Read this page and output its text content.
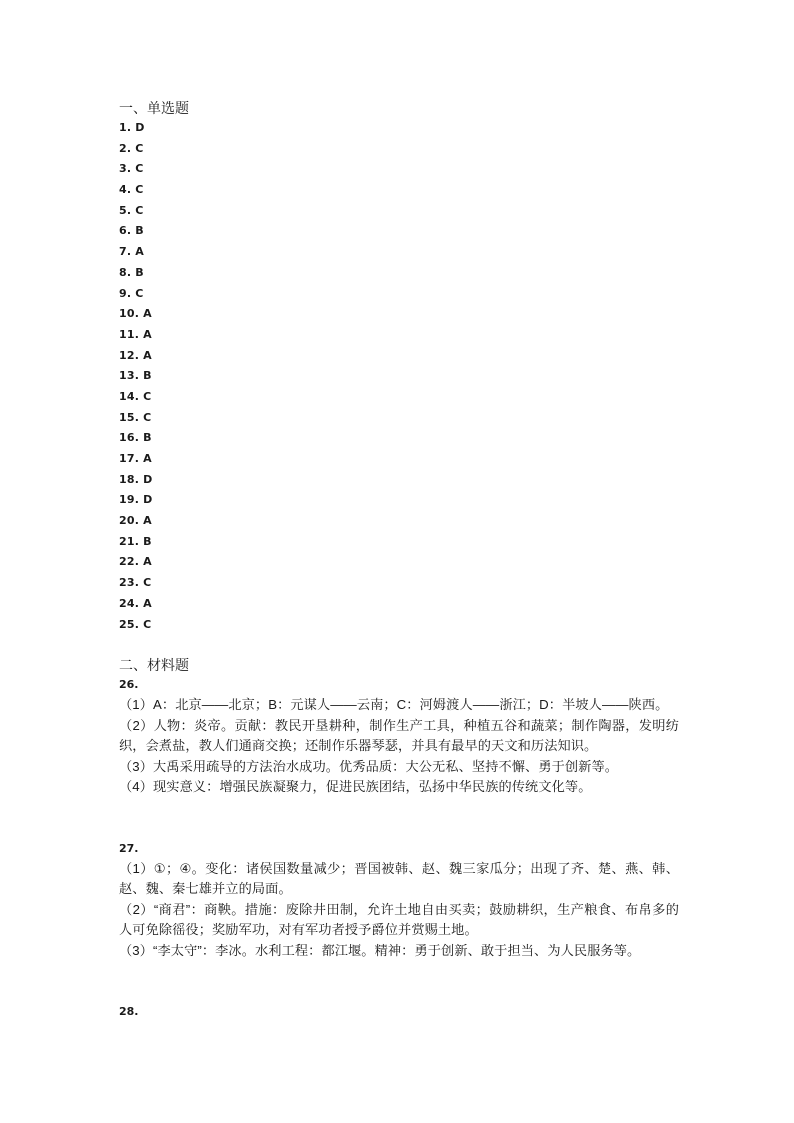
一、单选题
1 . D
2 . C
3 . C
4 . C
5 . C
6 . B
7 . A
8 . B
9 . C
10 . A
11 . A
12 . A
13 . B
14 . C
15 . C
16 . B
17 . A
18 . D
19 . D
20 . A
21 . B
22 . A
23 . C
24 . A
25 . C
二、材料题
26.

（1）A：北京——北京；B：元谋人——云南；C：河姆渡人——浙江；D：半坡人——陕西。

（2）人物：炎帝。贡献：教民开垦耕种，制作生产工具，种植五谷和蔬菜；制作陶器，发明纺织，会煮盐，教人们通商交换；还制作乐器琴瑟，并具有最早的天文和历法知识。

（3）大禹采用疏导的方法治水成功。优秀品质：大公无私、坚持不懈、勇于创新等。

（4）现实意义：增强民族凝聚力，促进民族团结，弘扬中华民族的传统文化等。

27.

（1）①；④。变化：诸侯国数量减少；晋国被韩、赵、魏三家瓜分；出现了齐、楚、燕、韩、赵、魏、秦七雄并立的局面。

（2）“商君”：商鞅。措施：废除井田制，允许土地自由买卖；鼓励耕织，生产粮食、布帛多的人可免除徭役；奖励军功，对有军功者授予爵位并赏赐土地。

（3）“李太守”：李冰。水利工程：都江堰。精神：勇于创新、敢于担当、为人民服务等。

28.
